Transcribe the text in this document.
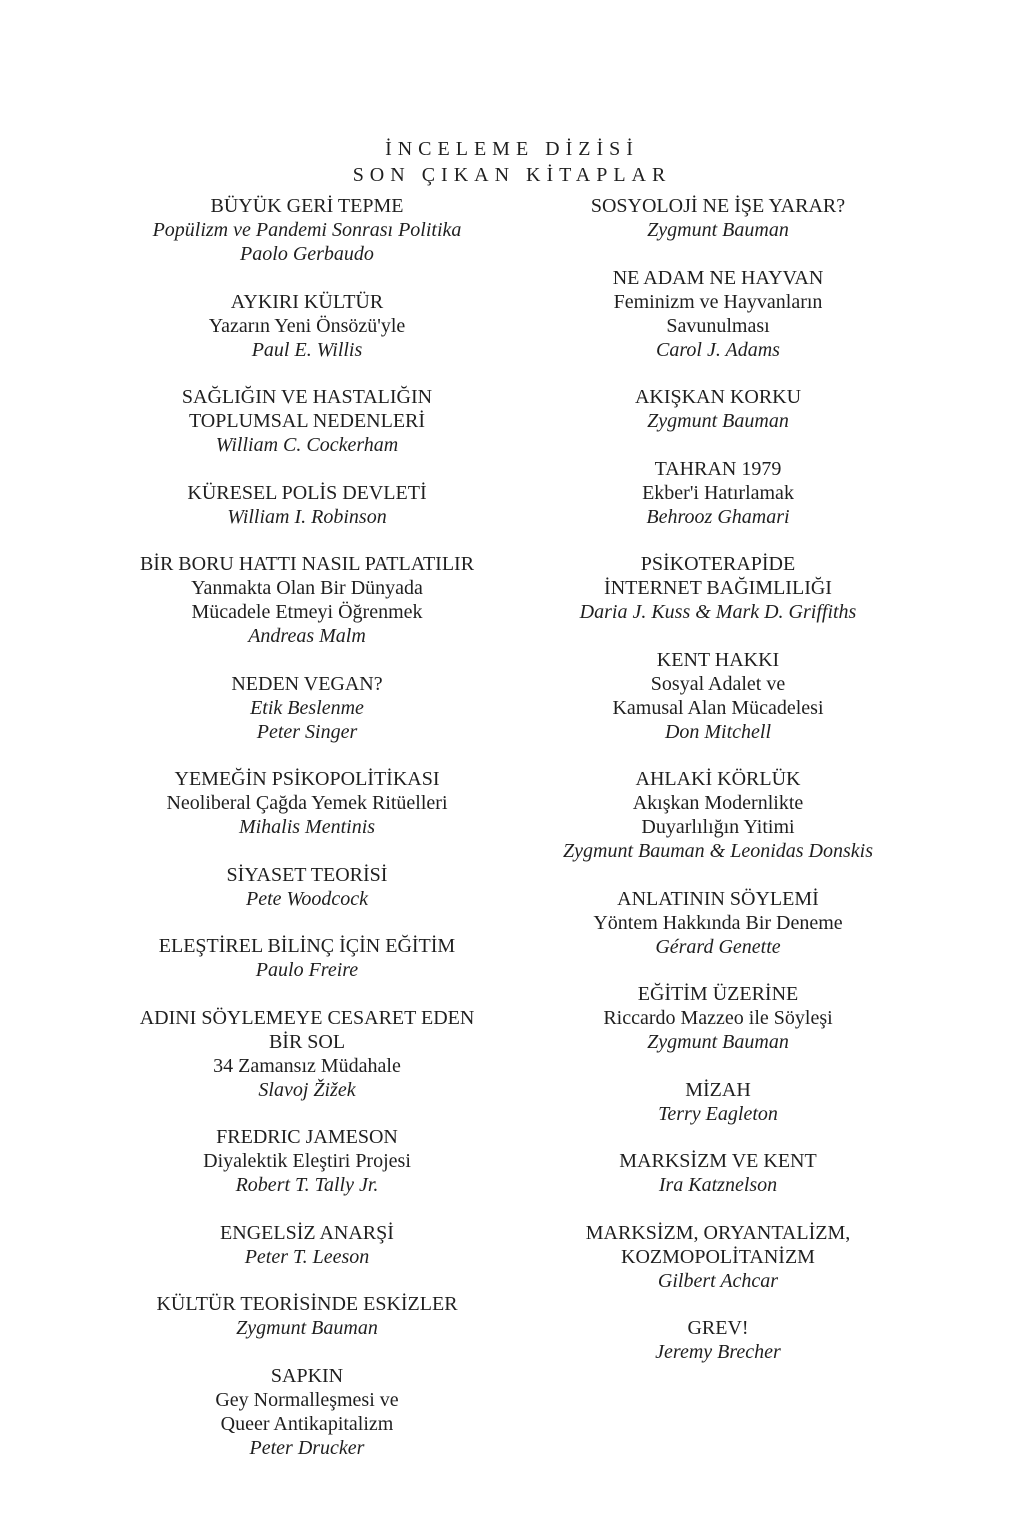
İNCELEME DİZİSİ
SON ÇIKAN KİTAPLAR
BÜYÜK GERİ TEPME
Popülizm ve Pandemi Sonrası Politika
Paolo Gerbaudo
AYKIRI KÜLTÜR
Yazarın Yeni Önsözü'yle
Paul E. Willis
SAĞLIĞIN VE HASTALIĞIN
TOPLUMSAL NEDENLERİ
William C. Cockerham
KÜRESEL POLİS DEVLETİ
William I. Robinson
BİR BORU HATTI NASIL PATLATILIR
Yanmakta Olan Bir Dünyada
Mücadele Etmeyi Öğrenmek
Andreas Malm
NEDEN VEGAN?
Etik Beslenme
Peter Singer
YEMEĞİN PSİKOPOLİTİKASI
Neoliberal Çağda Yemek Ritüelleri
Mihalis Mentinis
SİYASET TEORİSİ
Pete Woodcock
ELEŞTİREL BİLİNÇ İÇİN EĞİTİM
Paulo Freire
ADINI SÖYLEMEYE CESARET EDEN
BİR SOL
34 Zamansız Müdahale
Slavoj Žižek
FREDRIC JAMESON
Diyalektik Eleştiri Projesi
Robert T. Tally Jr.
ENGELSİZ ANARŞİ
Peter T. Leeson
KÜLTÜR TEORİSİNDE ESKİZLER
Zygmunt Bauman
SAPKIN
Gey Normalleşmesi ve
Queer Antikapitalizm
Peter Drucker
SOSYOLOJİ NE İŞE YARAR?
Zygmunt Bauman
NE ADAM NE HAYVAN
Feminizm ve Hayvanların
Savunulması
Carol J. Adams
AKIŞKAN KORKU
Zygmunt Bauman
TAHRAN 1979
Ekber'i Hatırlamak
Behrooz Ghamari
PSİKOTERAPİDE
İNTERNET BAĞIMLILIĞI
Daria J. Kuss & Mark D. Griffiths
KENT HAKKI
Sosyal Adalet ve
Kamusal Alan Mücadelesi
Don Mitchell
AHLAKİ KÖRLÜK
Akışkan Modernlikte
Duyarlılığın Yitimi
Zygmunt Bauman & Leonidas Donskis
ANLATININ SÖYLEMİ
Yöntem Hakkında Bir Deneme
Gérard Genette
EĞİTİM ÜZERİNE
Riccardo Mazzeo ile Söyleşi
Zygmunt Bauman
MİZAH
Terry Eagleton
MARKSİZM VE KENT
Ira Katznelson
MARKSİZM, ORYANTALİZM,
KOZMOPOLİTANİZM
Gilbert Achcar
GREV!
Jeremy Brecher
